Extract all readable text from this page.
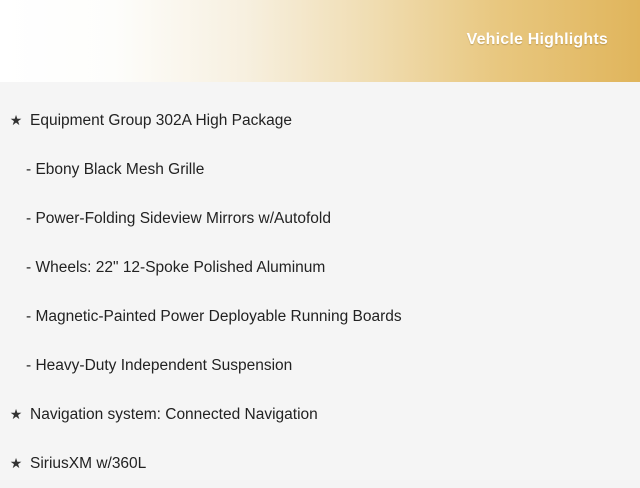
Vehicle Highlights
★ Equipment Group 302A High Package
- Ebony Black Mesh Grille
- Power-Folding Sideview Mirrors w/Autofold
- Wheels: 22" 12-Spoke Polished Aluminum
- Magnetic-Painted Power Deployable Running Boards
- Heavy-Duty Independent Suspension
★ Navigation system: Connected Navigation
★ SiriusXM w/360L
